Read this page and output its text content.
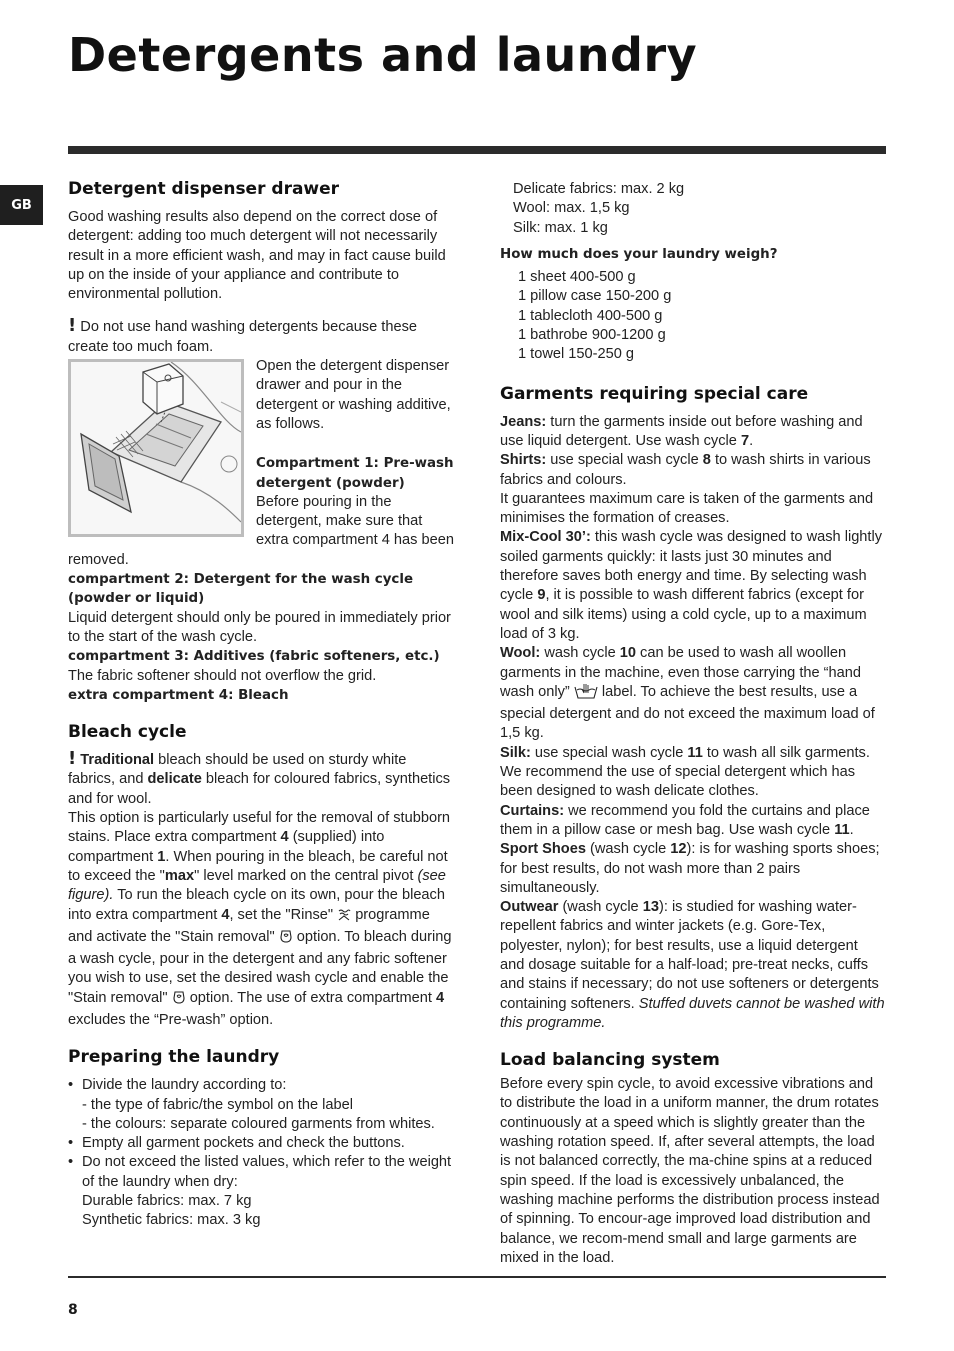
Detergents and laundry
GB
Detergent dispenser drawer

Good washing results also depend on the correct dose of detergent: adding too much detergent will not necessarily result in a more efficient wash, and may in fact cause build up on the inside of your appliance and contribute to environmental pollution.

! Do not use hand washing detergents because these create too much foam.

Open the detergent dispenser drawer and pour in the detergent or washing additive, as follows.

Compartment 1: Pre-wash detergent (powder)

Before pouring in the detergent, make sure that extra compartment 4 has been removed.

compartment 2: Detergent for the wash cycle (powder or liquid)

Liquid detergent should only be poured in immediately prior to the start of the wash cycle.

compartment 3: Additives (fabric softeners, etc.)

The fabric softener should not overflow the grid.

extra compartment 4: Bleach

Bleach cycle

! Traditional bleach should be used on sturdy white fabrics, and delicate bleach for coloured fabrics, synthetics and for wool.

This option is particularly useful for the removal of stubborn stains. Place extra compartment 4 (supplied) into compartment 1. When pouring in the bleach, be careful not to exceed the "max" level marked on the central pivot (see figure). To run the bleach cycle on its own, pour the bleach into extra compartment 4, set the "Rinse"  programme and activate the "Stain removal"  option. To bleach during a wash cycle, pour in the detergent and any fabric softener you wish to use, set the desired wash cycle and enable the "Stain removal"  option. The use of extra compartment 4 excludes the “Pre-wash” option.

Preparing the laundry
• Divide the laundry according to:
- the type of fabric/the symbol on the label
- the colours: separate coloured garments from whites.
• Empty all garment pockets and check the buttons.
• Do not exceed the listed values, which refer to the weight of the laundry when dry:
Durable fabrics: max. 7 kg
Synthetic fabrics: max. 3 kg
Delicate fabrics: max. 2 kg
Wool: max. 1,5 kg
Silk: max. 1 kg

How much does your laundry weigh?

1 sheet 400-500 g
1 pillow case 150-200 g
1 tablecloth 400-500 g
1 bathrobe 900-1200 g
1 towel 150-250 g
Garments requiring special care

Jeans: turn the garments inside out before washing and use liquid detergent. Use wash cycle 7.

Shirts: use special wash cycle 8 to wash shirts in various fabrics and colours.

It guarantees maximum care is taken of the garments and minimises the formation of creases.

Mix-Cool 30’: this wash cycle was designed to wash lightly soiled garments quickly: it lasts just 30 minutes and therefore saves both energy and time. By selecting wash cycle 9, it is possible to wash different fabrics (except for wool and silk items) using a cold cycle, up to a maximum load of 3 kg.

Wool: wash cycle 10 can be used to wash all woollen garments in the machine, even those carrying the “hand wash only”  label. To achieve the best results, use a special detergent and do not exceed the maximum load of 1,5 kg.

Silk: use special wash cycle 11 to wash all silk garments. We recommend the use of special detergent which has been designed to wash delicate clothes.

Curtains: we recommend you fold the curtains and place them in a pillow case or mesh bag. Use wash cycle 11.

Sport Shoes (wash cycle 12): is for washing sports shoes; for best results, do not wash more than 2 pairs simultaneously.

Outwear (wash cycle 13): is studied for washing water-repellent fabrics and winter jackets (e.g. Gore-Tex, polyester, nylon); for best results, use a liquid detergent and dosage suitable for a half-load; pre-treat necks, cuffs and stains if necessary; do not use softeners or detergents containing softeners. Stuffed duvets cannot be washed with this programme.

Load balancing system

Before every spin cycle, to avoid excessive vibrations and to distribute the load in a uniform manner, the drum rotates continuously at a speed which is slightly greater than the washing rotation speed. If, after several attempts, the load is not balanced correctly, the ma-chine spins at a reduced spin speed. If the load is excessively unbalanced, the washing machine performs the distribution process instead of spinning. To encour-age improved load distribution and balance, we recom-mend small and large garments are mixed in the load.

8
